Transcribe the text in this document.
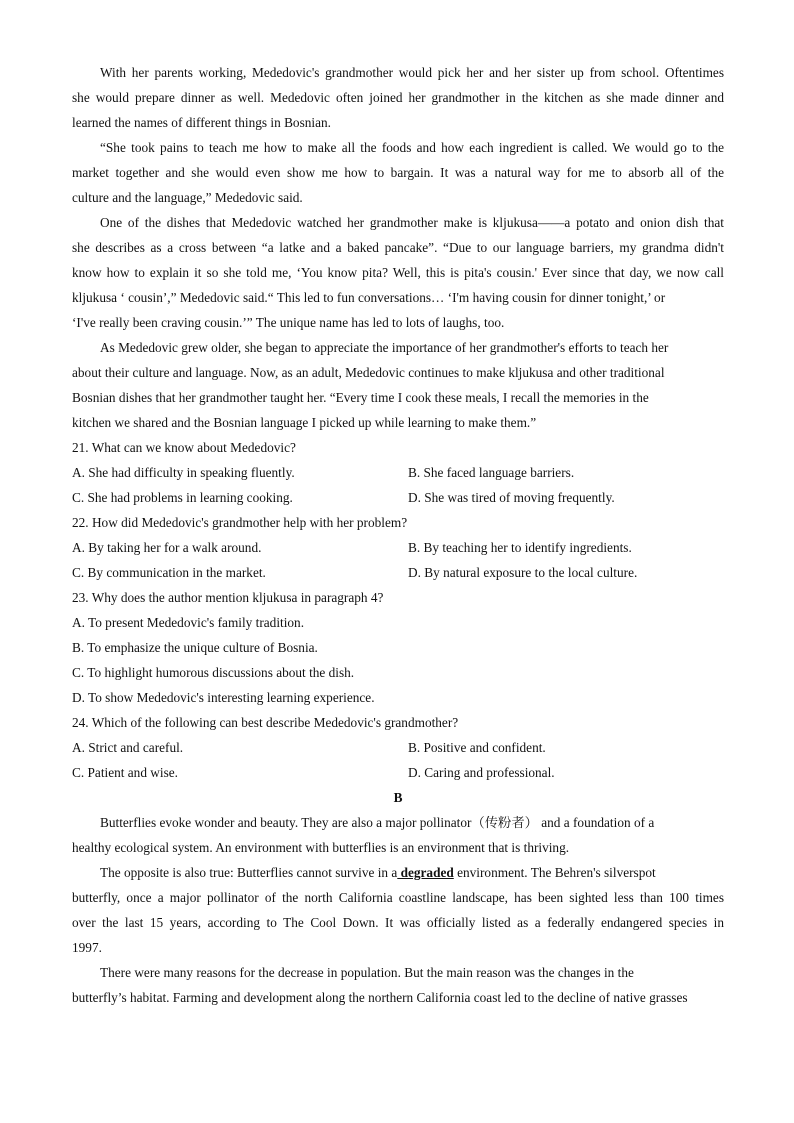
With her parents working, Mededovic's grandmother would pick her and her sister up from school. Oftentimes
she would prepare dinner as well. Mededovic often joined her grandmother in the kitchen as she made dinner and
learned the names of different things in Bosnian.
“She took pains to teach me how to make all the foods and how each ingredient is called. We would go to the
market together and she would even show me how to bargain. It was a natural way for me to absorb all of the
culture and the language,” Mededovic said.
One of the dishes that Mededovic watched her grandmother make is kljukusa——a potato and onion dish that
she describes as a cross between “a latke and a baked pancake”. “Due to our language barriers, my grandma didn't
know how to explain it so she told me, ‘You know pita? Well, this is pita's cousin.' Ever since that day, we now call
kljukusa ‘ cousin’,” Mededovic said.“ This led to fun conversations… ‘I'm having cousin for dinner tonight,’ or
‘I've really been craving cousin.’” The unique name has led to lots of laughs, too.
As Mededovic grew older, she began to appreciate the importance of her grandmother's efforts to teach her
about their culture and language. Now, as an adult, Mededovic continues to make kljukusa and other traditional
Bosnian dishes that her grandmother taught her. “Every time I cook these meals, I recall the memories in the
kitchen we shared and the Bosnian language I picked up while learning to make them.”
21. What can we know about Mededovic?
A. She had difficulty in speaking fluently.	B. She faced language barriers.
C. She had problems in learning cooking.	D. She was tired of moving frequently.
22. How did Mededovic's grandmother help with her problem?
A. By taking her for a walk around.	B. By teaching her to identify ingredients.
C. By communication in the market.	D. By natural exposure to the local culture.
23. Why does the author mention kljukusa in paragraph 4?
A. To present Mededovic's family tradition.
B. To emphasize the unique culture of Bosnia.
C. To highlight humorous discussions about the dish.
D. To show Mededovic's interesting learning experience.
24. Which of the following can best describe Mededovic's grandmother?
A. Strict and careful.	B. Positive and confident.
C. Patient and wise.	D. Caring and professional.
B
Butterflies evoke wonder and beauty. They are also a major pollinator（传粉者） and a foundation of a
healthy ecological system. An environment with butterflies is an environment that is thriving.
The opposite is also true: Butterflies cannot survive in a degraded environment. The Behren's silverspot
butterfly, once a major pollinator of the north California coastline landscape, has been sighted less than 100 times
over the last 15 years, according to The Cool Down. It was officially listed as a federally endangered species in
1997.
There were many reasons for the decrease in population. But the main reason was the changes in the
butterfly’s habitat. Farming and development along the northern California coast led to the decline of native grasses
